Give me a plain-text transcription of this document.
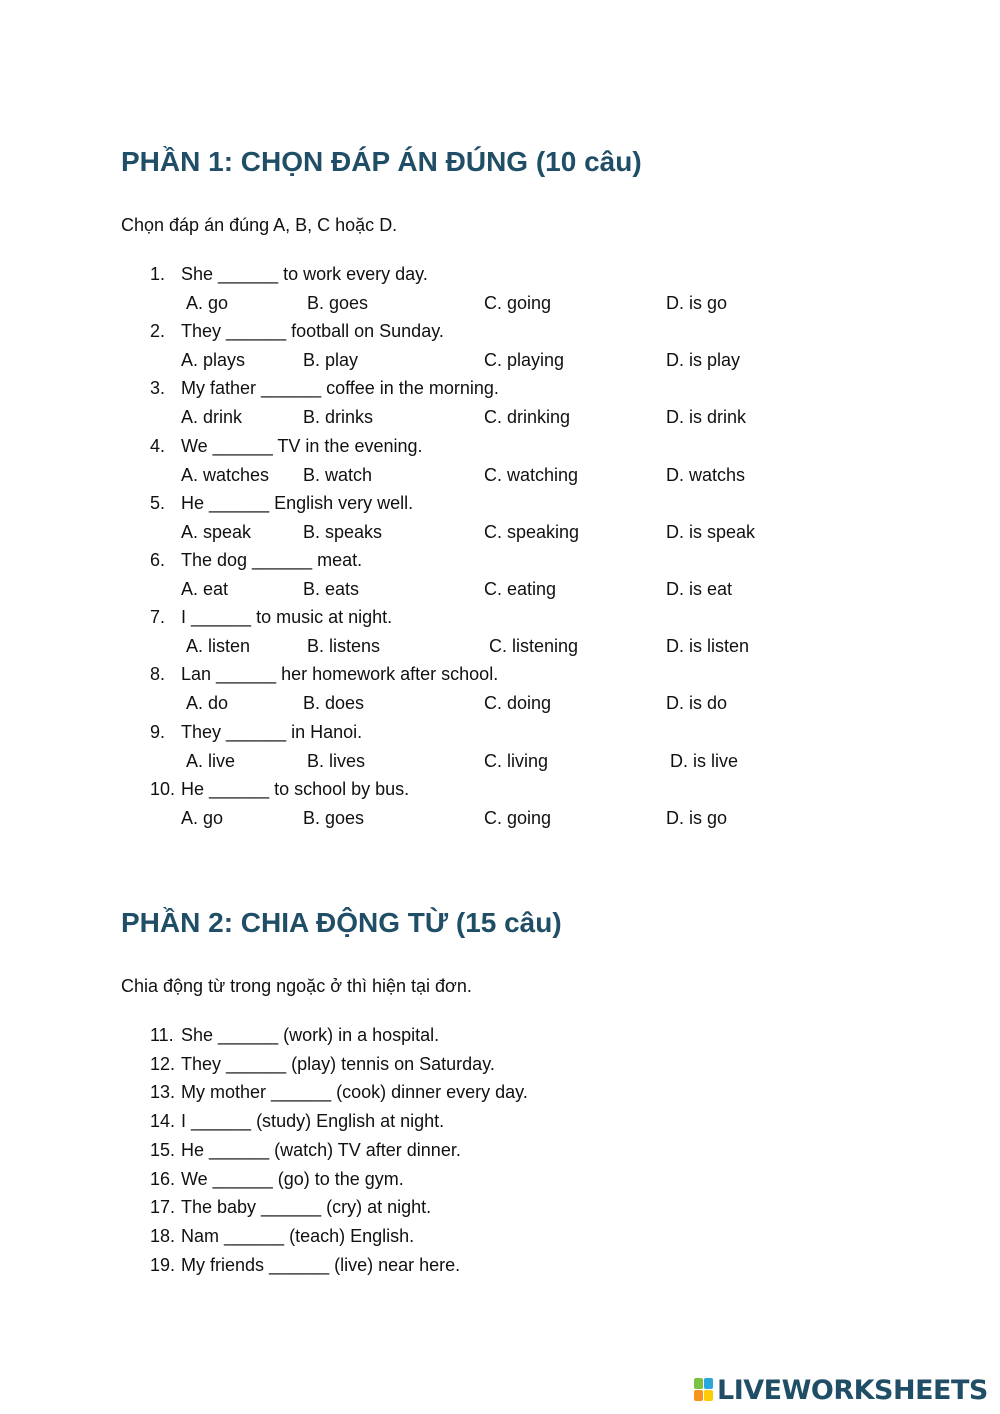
PHẦN 1: CHỌN ĐÁP ÁN ĐÚNG (10 câu)
Chọn đáp án đúng A, B, C hoặc D.
1. She ______ to work every day.
A. go	B. goes	C. going	D. is go
2. They ______ football on Sunday.
A. plays	B. play	C. playing	D. is play
3. My father ______ coffee in the morning.
A. drink	B. drinks	C. drinking	D. is drink
4. We ______ TV in the evening.
A. watches B. watch	C. watching	D. watchs
5. He ______ English very well.
A. speak	B. speaks	C. speaking	D. is speak
6. The dog ______ meat.
A. eat	B. eats	C. eating	D. is eat
7. I ______ to music at night.
A. listen	B. listens	C. listening	D. is listen
8. Lan ______ her homework after school.
A. do	B. does	C. doing	D. is do
9. They ______ in Hanoi.
A. live	B. lives	C. living	D. is live
10. He ______ to school by bus.
A. go	B. goes	C. going	D. is go
PHẦN 2: CHIA ĐỘNG TỪ (15 câu)
Chia động từ trong ngoặc ở thì hiện tại đơn.
11. She ______ (work) in a hospital.
12. They ______ (play) tennis on Saturday.
13. My mother ______ (cook) dinner every day.
14. I ______ (study) English at night.
15. He ______ (watch) TV after dinner.
16. We ______ (go) to the gym.
17. The baby ______ (cry) at night.
18. Nam ______ (teach) English.
19. My friends ______ (live) near here.
LIVEWORKSHEETS
